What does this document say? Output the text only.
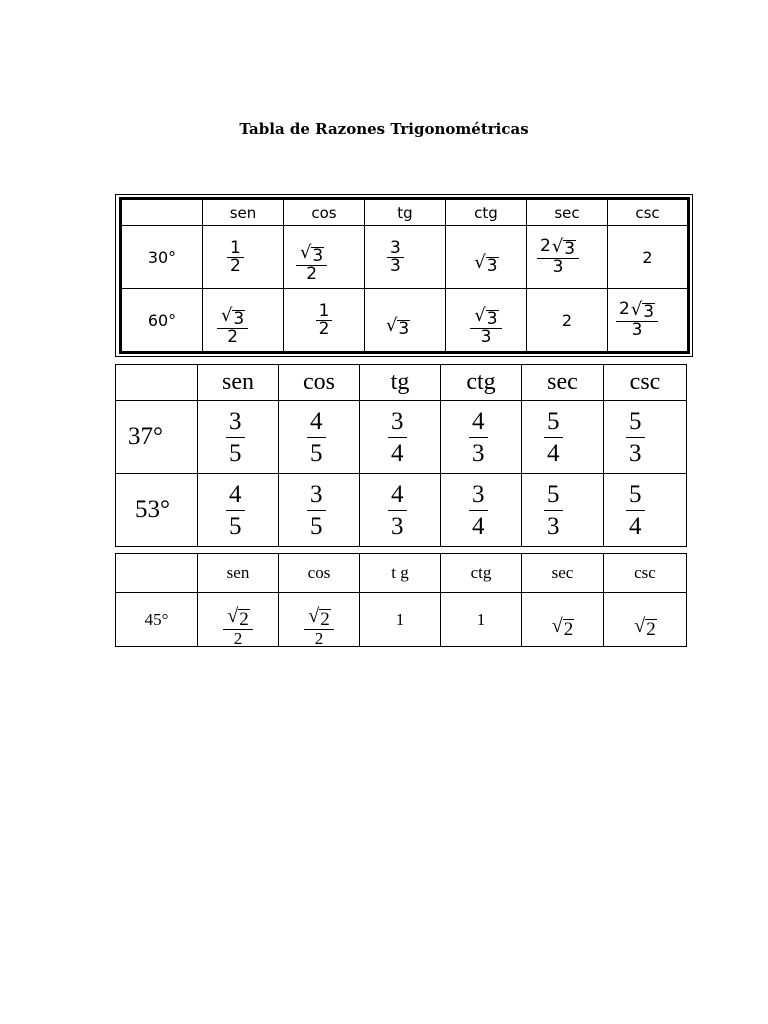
Tabla de Razones Trigonométricas
	sen	cos	tg	ctg	sec	csc
30°	$\frac{1}{2}$	$\frac{√ 3}{2}$	$\frac{3}{3}$	√ 3	$\frac{2 √ 3}{3}$	2
60°	$\frac{√ 3}{2}$	$\frac{1}{2}$	√ 3	$\frac{√ 3}{3}$	2	$\frac{2 √ 3}{3}$
	sen	cos	tg	ctg	sec	csc
37°	$\frac{3}{5}$	$\frac{4}{5}$	$\frac{3}{4}$	$\frac{4}{3}$	$\frac{5}{4}$	$\frac{5}{3}$

53°	$\frac{4}{5}$	$\frac{3}{5}$	$\frac{4}{3}$	$\frac{3}{4}$	$\frac{5}{3}$	$\frac{5}{4}$
	sen	cos	t g	ctg	sec	csc
45°	$\frac{√ 2}{2}$	$\frac{√ 2}{2}$	1	1	√ 2	√ 2
